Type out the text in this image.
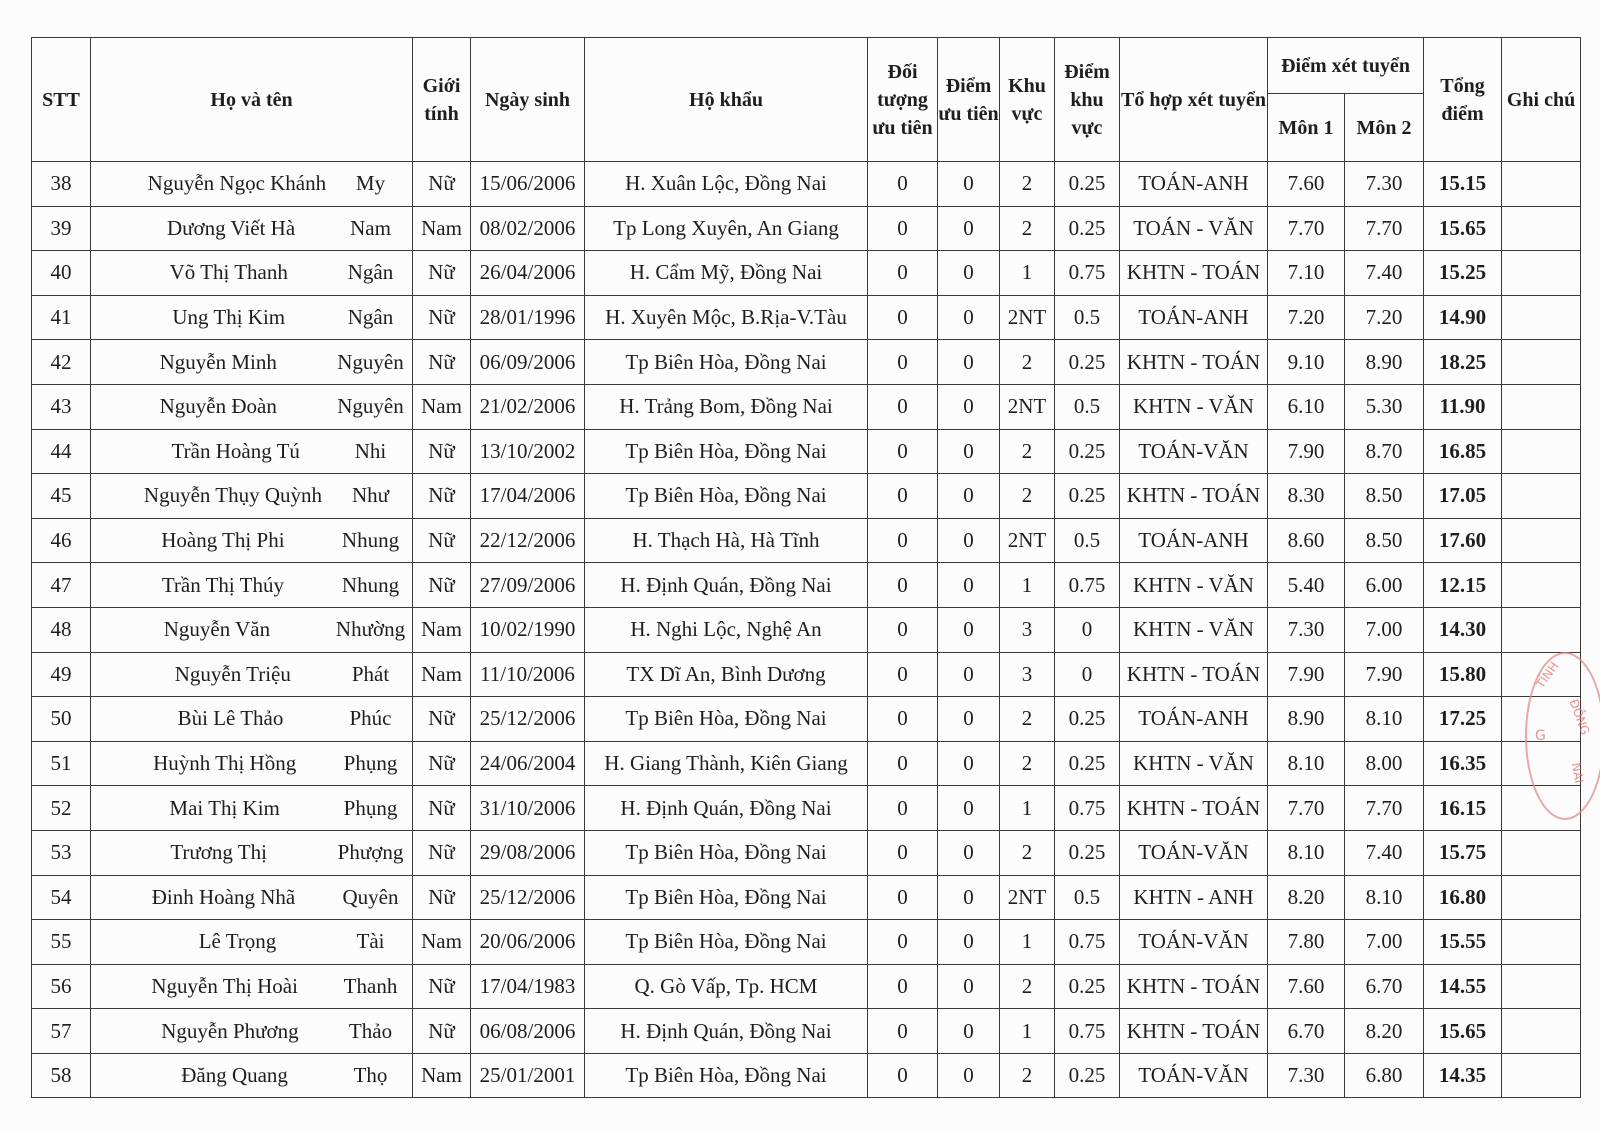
STT	Họ và tên	Giới tính	Ngày sinh	Hộ khẩu	Đối tượng ưu tiên	Điểm ưu tiên	Khu vực	Điểm khu vực	Tổ hợp xét tuyển	Điểm xét tuyển		Tổng điểm	Ghi chú
										Môn 1	Môn 2		
38	Nguyễn Ngọc Khánh My	Nữ	15/06/2006	H. Xuân Lộc, Đồng Nai	0	0	2	0.25	TOÁN-ANH	7.60	7.30	15.15	
39	Dương Viết Hà Nam	Nam	08/02/2006	Tp Long Xuyên, An Giang	0	0	2	0.25	TOÁN - VĂN	7.70	7.70	15.65	
40	Võ Thị Thanh Ngân	Nữ	26/04/2006	H. Cẩm Mỹ, Đồng Nai	0	0	1	0.75	KHTN - TOÁN	7.10	7.40	15.25	
41	Ung Thị Kim Ngân	Nữ	28/01/1996	H. Xuyên Mộc, B.Rịa-V.Tàu	0	0	2NT	0.5	TOÁN-ANH	7.20	7.20	14.90	
42	Nguyễn Minh Nguyên	Nữ	06/09/2006	Tp Biên Hòa, Đồng Nai	0	0	2	0.25	KHTN - TOÁN	9.10	8.90	18.25	
43	Nguyễn Đoàn Nguyên	Nam	21/02/2006	H. Trảng Bom, Đồng Nai	0	0	2NT	0.5	KHTN - VĂN	6.10	5.30	11.90	
44	Trần Hoàng Tú Nhi	Nữ	13/10/2002	Tp Biên Hòa, Đồng Nai	0	0	2	0.25	TOÁN-VĂN	7.90	8.70	16.85	
45	Nguyễn Thụy Quỳnh Như	Nữ	17/04/2006	Tp Biên Hòa, Đồng Nai	0	0	2	0.25	KHTN - TOÁN	8.30	8.50	17.05	
46	Hoàng Thị Phi Nhung	Nữ	22/12/2006	H. Thạch Hà, Hà Tĩnh	0	0	2NT	0.5	TOÁN-ANH	8.60	8.50	17.60	
47	Trần Thị Thúy Nhung	Nữ	27/09/2006	H. Định Quán, Đồng Nai	0	0	1	0.75	KHTN - VĂN	5.40	6.00	12.15	
48	Nguyễn Văn Nhường	Nam	10/02/1990	H. Nghi Lộc, Nghệ An	0	0	3	0	KHTN - VĂN	7.30	7.00	14.30	
49	Nguyễn Triệu Phát	Nam	11/10/2006	TX Dĩ An, Bình Dương	0	0	3	0	KHTN - TOÁN	7.90	7.90	15.80	
50	Bùi Lê Thảo Phúc	Nữ	25/12/2006	Tp Biên Hòa, Đồng Nai	0	0	2	0.25	TOÁN-ANH	8.90	8.10	17.25	
51	Huỳnh Thị Hồng Phụng	Nữ	24/06/2004	H. Giang Thành, Kiên Giang	0	0	2	0.25	KHTN - VĂN	8.10	8.00	16.35	
52	Mai Thị Kim Phụng	Nữ	31/10/2006	H. Định Quán, Đồng Nai	0	0	1	0.75	KHTN - TOÁN	7.70	7.70	16.15	
53	Trương Thị Phượng	Nữ	29/08/2006	Tp Biên Hòa, Đồng Nai	0	0	2	0.25	TOÁN-VĂN	8.10	7.40	15.75	
54	Đinh Hoàng Nhã Quyên	Nữ	25/12/2006	Tp Biên Hòa, Đồng Nai	0	0	2NT	0.5	KHTN - ANH	8.20	8.10	16.80	
55	Lê Trọng Tài	Nam	20/06/2006	Tp Biên Hòa, Đồng Nai	0	0	1	0.75	TOÁN-VĂN	7.80	7.00	15.55	
56	Nguyễn Thị Hoài Thanh	Nữ	17/04/1983	Q. Gò Vấp, Tp. HCM	0	0	2	0.25	KHTN - TOÁN	7.60	6.70	14.55	
57	Nguyễn Phương Thảo	Nữ	06/08/2006	H. Định Quán, Đồng Nai	0	0	1	0.75	KHTN - TOÁN	6.70	8.20	15.65	
58	Đăng Quang Thọ	Nam	25/01/2001	Tp Biên Hòa, Đồng Nai	0	0	2	0.25	TOÁN-VĂN	7.30	6.80	14.35	
TỈNH
G ĐỒNG
NAI
